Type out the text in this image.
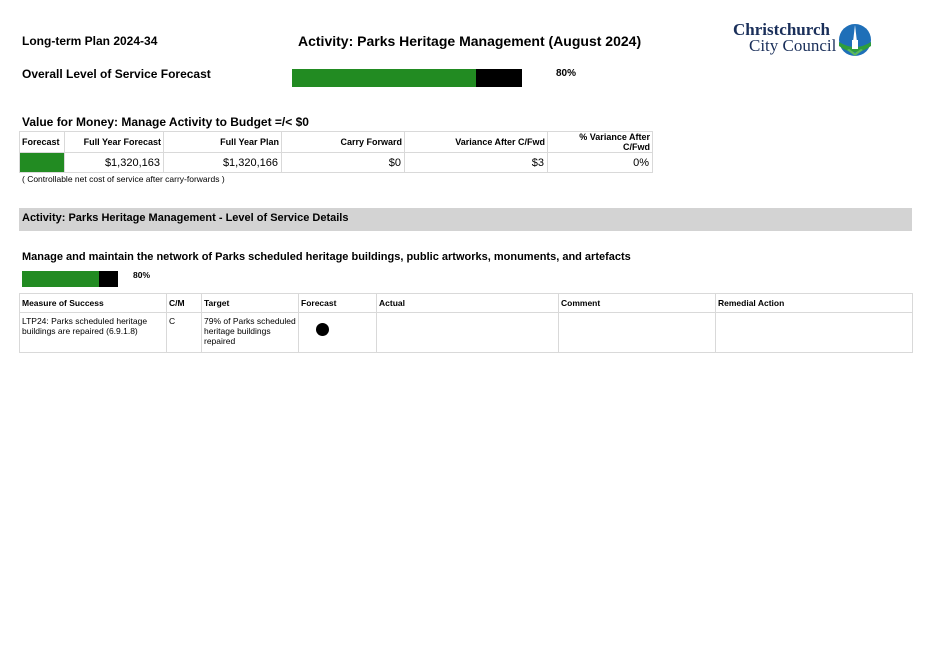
Long-term Plan 2024-34	Activity: Parks Heritage Management (August 2024)
Christchurch
City Council
Overall Level of Service Forecast	80%
Value for Money: Manage Activity to Budget =/< $0
Forecast	Full Year Forecast	Full Year Plan	Carry Forward	Variance After C/Fwd	% Variance After C/Fwd
	$1,320,163	$1,320,166	$0	$3	0%
( Controllable net cost of service after carry-forwards )
Activity: Parks Heritage Management - Level of Service Details
Manage and maintain the network of Parks scheduled heritage buildings, public artworks, monuments, and artefacts
80%
Measure of Success	C/M	Target	Forecast	Actual	Comment	Remedial Action
LTP24: Parks scheduled heritage buildings are repaired (6.9.1.8)	C	79% of Parks scheduled heritage buildings repaired				
